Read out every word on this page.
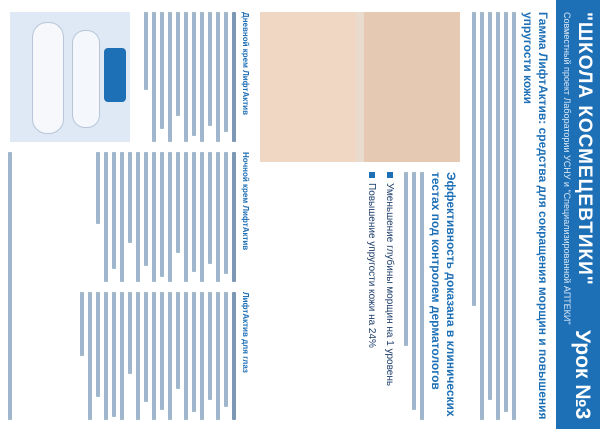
"ШКОЛА КОСМЕЦЕВТИКИ"
Совместный проект Лаборатории УСНУ и "Специализированной АПТЕКИ"
Урок №3
Гамма ЛифтАктив: средства для сокращения морщин и повышения упругости кожи
Эффективность доказана в клинических тестах под контролем дерматологов
Уменьшение глубины морщин на 1 уровень
Повышение упругости кожи на 24%
Дневной крем ЛифтАктив
Ночной крем ЛифтАктив
ЛифтАктив для глаз
